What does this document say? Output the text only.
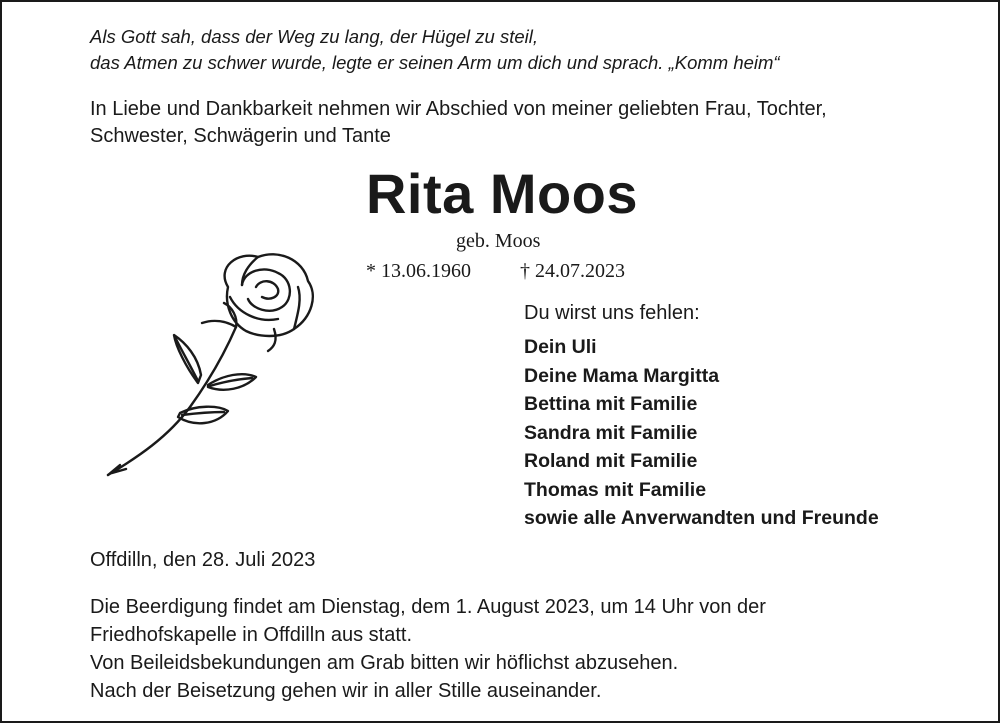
Als Gott sah, dass der Weg zu lang, der Hügel zu steil,
das Atmen zu schwer wurde, legte er seinen Arm um dich und sprach. „Komm heim“
In Liebe und Dankbarkeit nehmen wir Abschied von meiner geliebten Frau, Tochter,
Schwester, Schwägerin und Tante
Rita Moos
geb. Moos
* 13.06.1960 † 24.07.2023
Du wirst uns fehlen:
Dein Uli
Deine Mama Margitta
Bettina mit Familie
Sandra mit Familie
Roland mit Familie
Thomas mit Familie
sowie alle Anverwandten und Freunde
Offdilln, den 28. Juli 2023
Die Beerdigung findet am Dienstag, dem 1. August 2023, um 14 Uhr von der
Friedhofskapelle in Offdilln aus statt.
Von Beileidsbekundungen am Grab bitten wir höflichst abzusehen.
Nach der Beisetzung gehen wir in aller Stille auseinander.
